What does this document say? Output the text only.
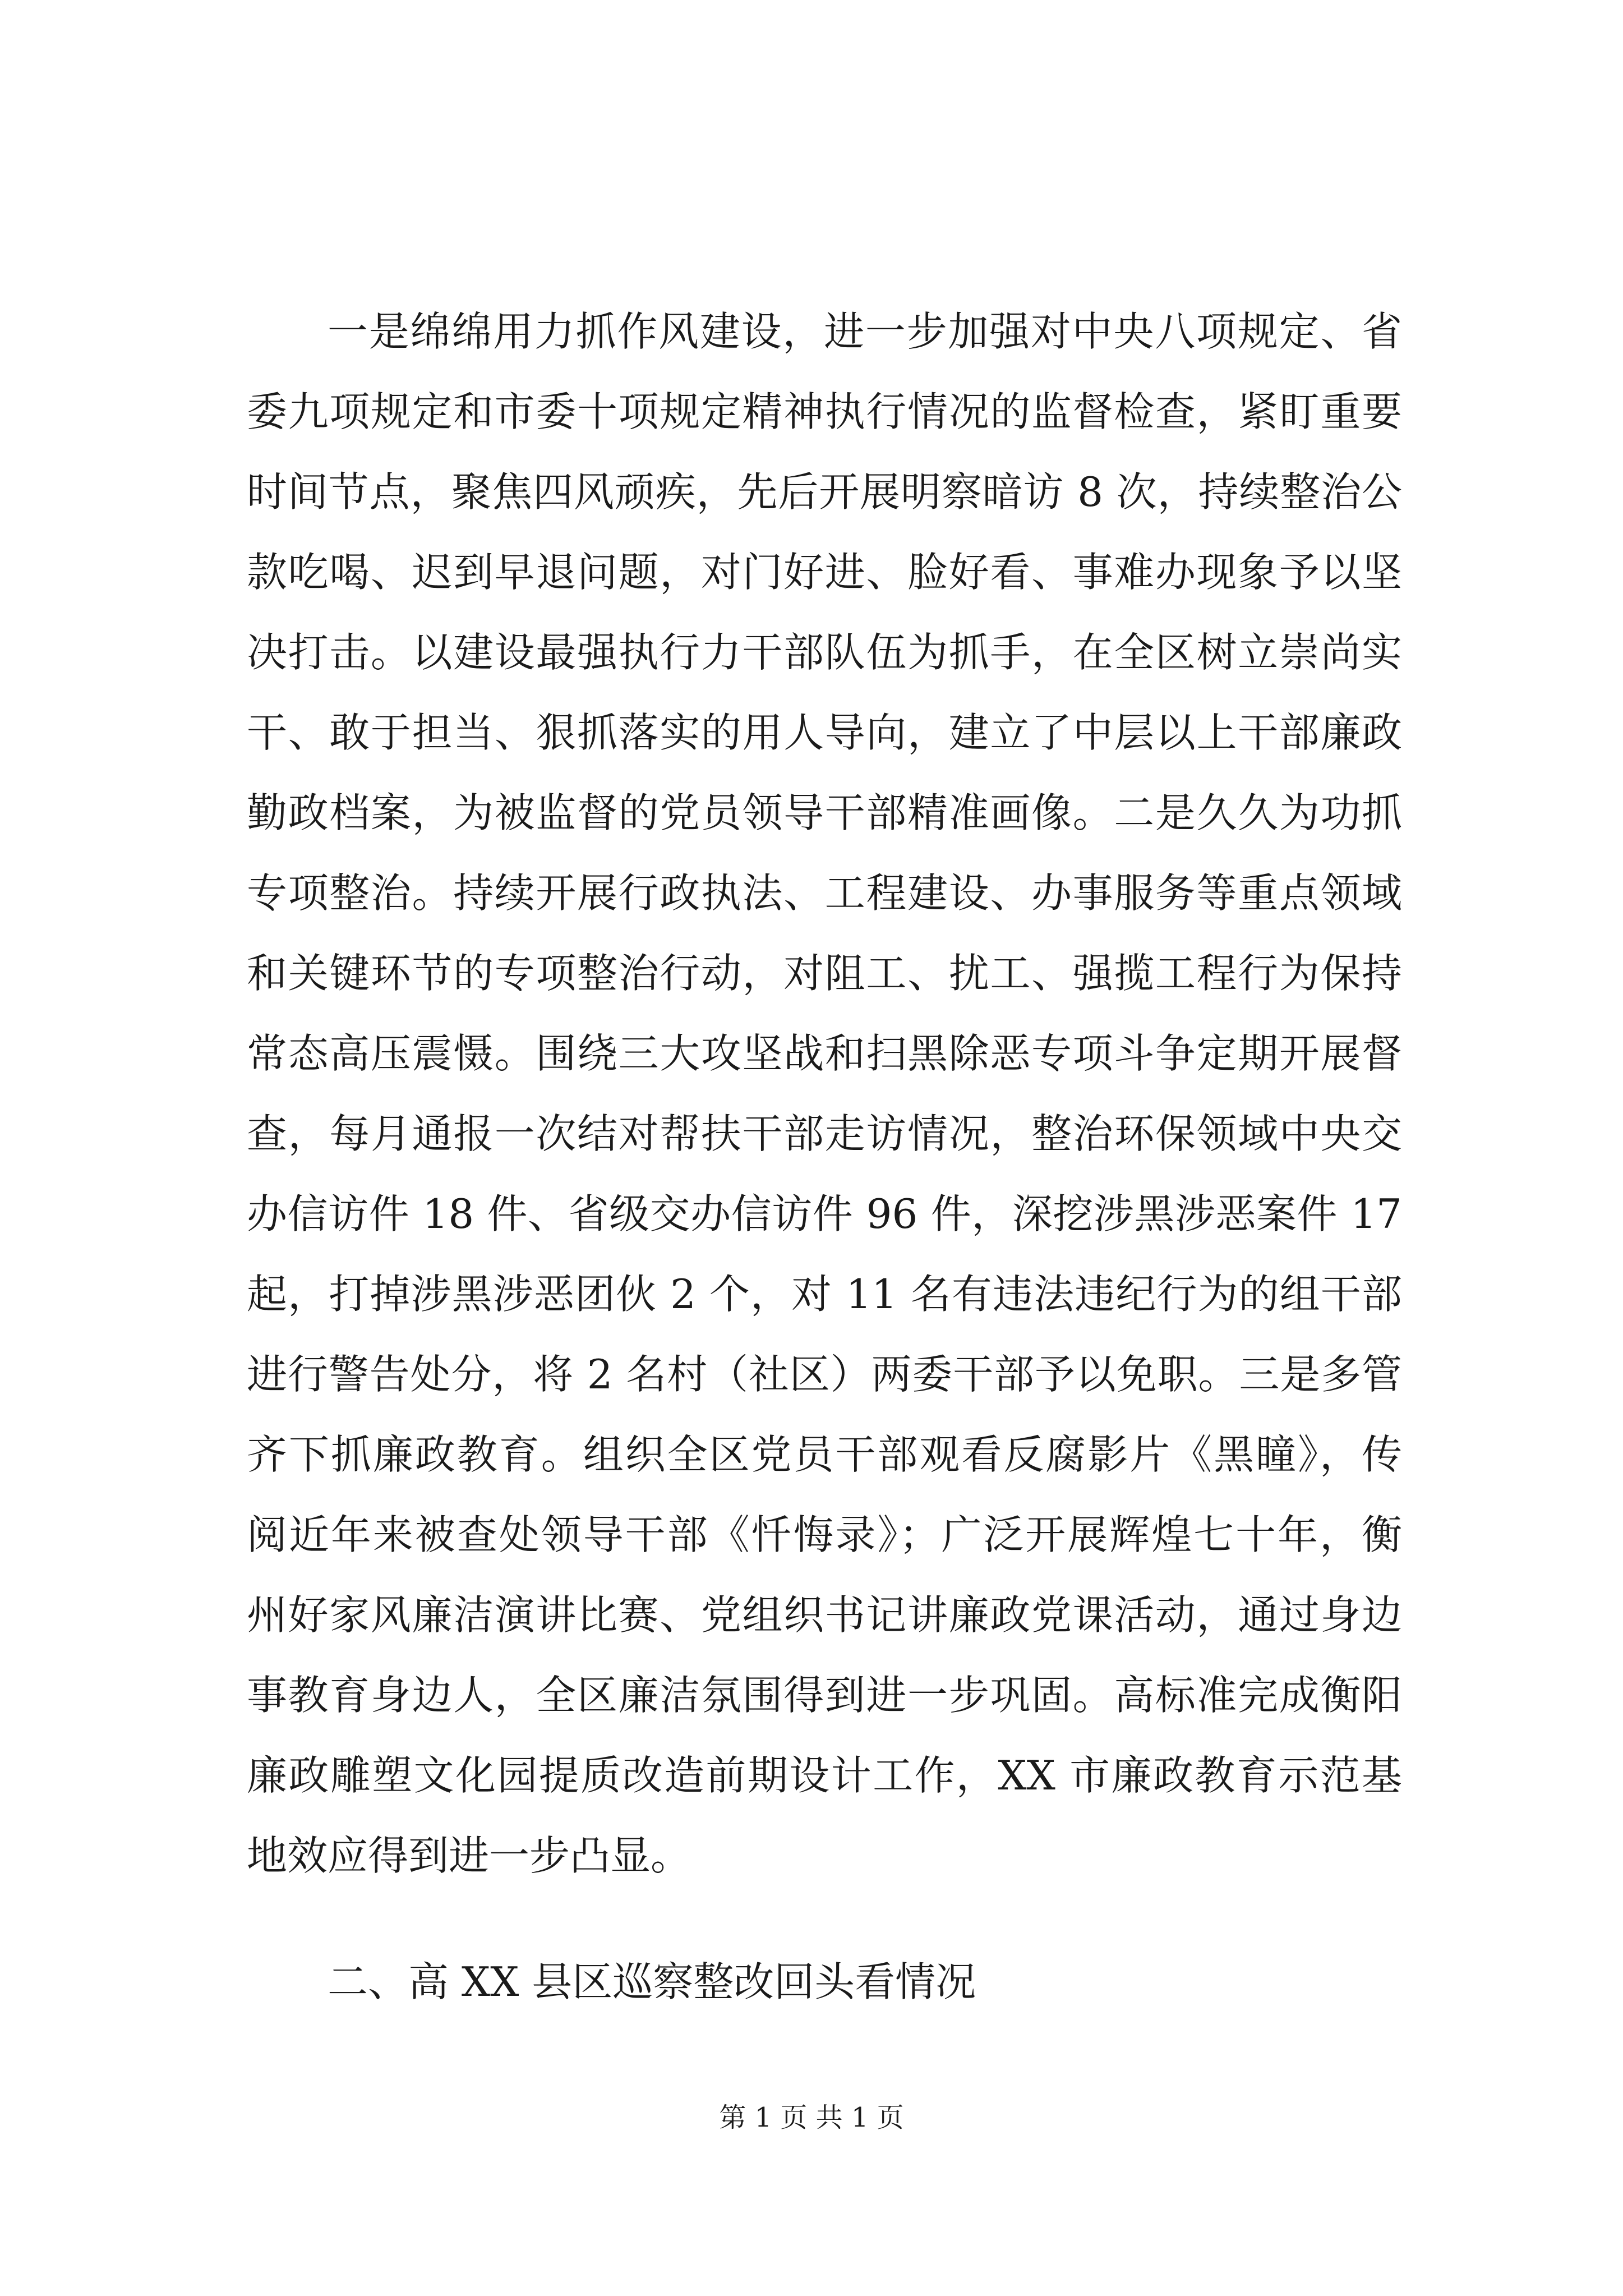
一是绵绵用力抓作风建设，进一步加强对中央八项规定、省
委九项规定和市委十项规定精神执行情况的监督检查，紧盯重要
时间节点，聚焦四风顽疾，先后开展明察暗访 8 次，持续整治公
款吃喝、迟到早退问题，对门好进、脸好看、事难办现象予以坚
决打击。以建设最强执行力干部队伍为抓手，在全区树立崇尚实
干、敢于担当、狠抓落实的用人导向，建立了中层以上干部廉政
勤政档案，为被监督的党员领导干部精准画像。二是久久为功抓
专项整治。持续开展行政执法、工程建设、办事服务等重点领域
和关键环节的专项整治行动，对阻工、扰工、强揽工程行为保持
常态高压震慑。围绕三大攻坚战和扫黑除恶专项斗争定期开展督
查，每月通报一次结对帮扶干部走访情况，整治环保领域中央交
办信访件 18 件、省级交办信访件 96 件，深挖涉黑涉恶案件 17
起，打掉涉黑涉恶团伙 2 个，对 11 名有违法违纪行为的组干部
进行警告处分，将 2 名村（社区）两委干部予以免职。三是多管
齐下抓廉政教育。组织全区党员干部观看反腐影片《黑瞳》，传
阅近年来被查处领导干部《忏悔录》；广泛开展辉煌七十年，衡
州好家风廉洁演讲比赛、党组织书记讲廉政党课活动，通过身边
事教育身边人，全区廉洁氛围得到进一步巩固。高标准完成衡阳
廉政雕塑文化园提质改造前期设计工作，XX 市廉政教育示范基
地效应得到进一步凸显。
二、高 XX 县区巡察整改回头看情况
第 1 页 共 1 页
